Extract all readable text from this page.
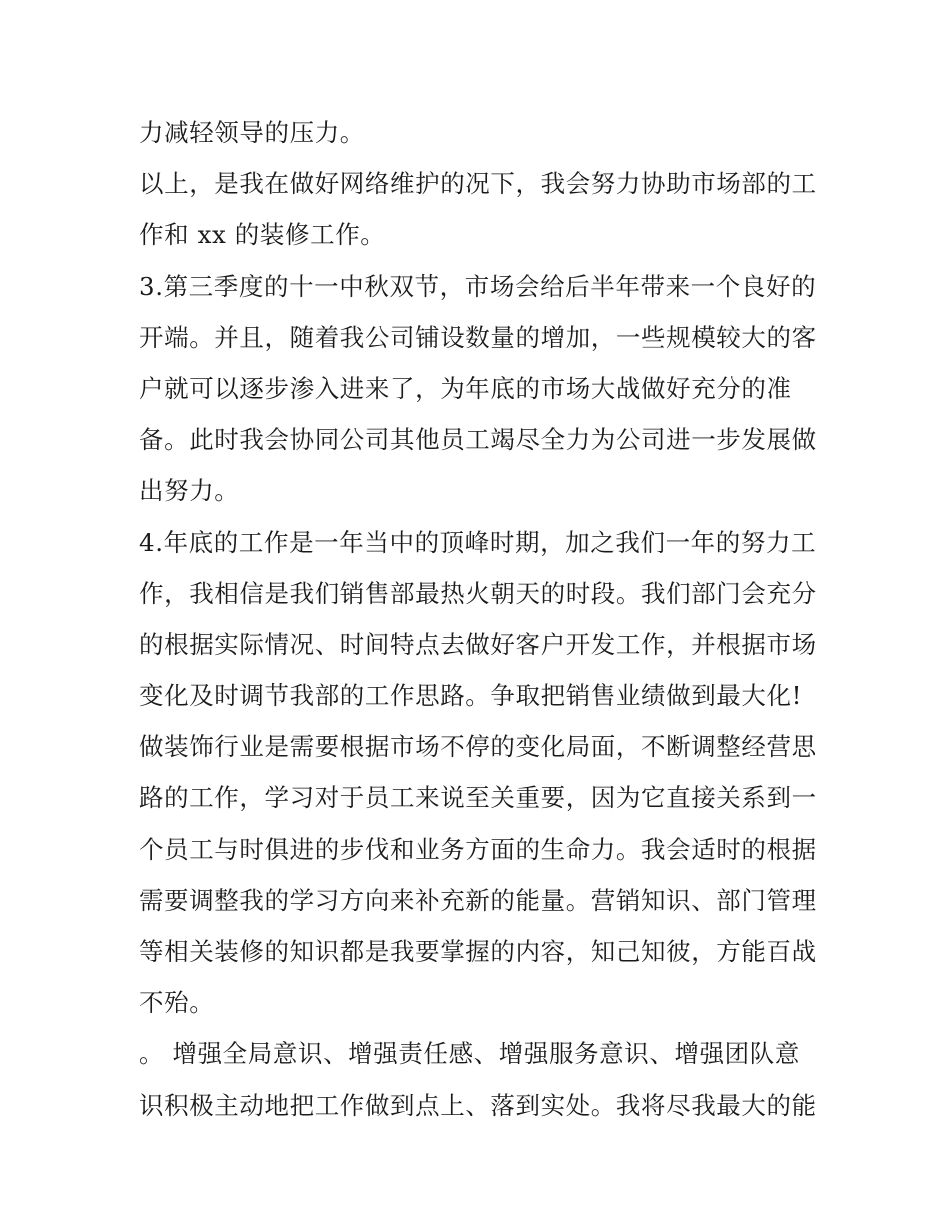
力减轻领导的压力。
以上，是我在做好网络维护的况下，我会努力协助市场部的工
作和 xx 的装修工作。
3.第三季度的十一中秋双节，市场会给后半年带来一个良好的
开端。并且，随着我公司铺设数量的增加，一些规模较大的客
户就可以逐步渗入进来了，为年底的市场大战做好充分的准
备。此时我会协同公司其他员工竭尽全力为公司进一步发展做
出努力。
4.年底的工作是一年当中的顶峰时期，加之我们一年的努力工
作，我相信是我们销售部最热火朝天的时段。我们部门会充分
的根据实际情况、时间特点去做好客户开发工作，并根据市场
变化及时调节我部的工作思路。争取把销售业绩做到最大化!
做装饰行业是需要根据市场不停的变化局面，不断调整经营思
路的工作，学习对于员工来说至关重要，因为它直接关系到一
个员工与时俱进的步伐和业务方面的生命力。我会适时的根据
需要调整我的学习方向来补充新的能量。营销知识、部门管理
等相关装修的知识都是我要掌握的内容，知己知彼，方能百战
不殆。
。 增强全局意识、增强责任感、增强服务意识、增强团队意
识积极主动地把工作做到点上、落到实处。我将尽我最大的能
